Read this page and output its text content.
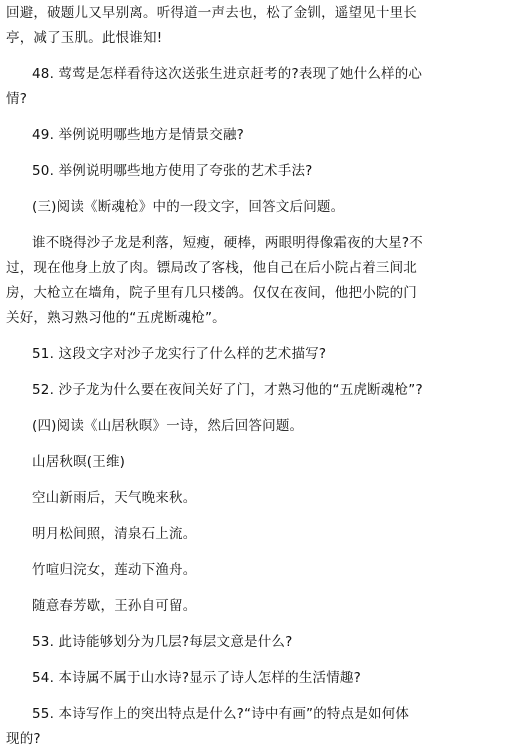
回避，破题儿又早别离。听得道一声去也，松了金钏，遥望见十里长
亭，减了玉肌。此恨谁知!
48. 莺莺是怎样看待这次送张生进京赶考的?表现了她什么样的心
情?
49. 举例说明哪些地方是情景交融?
50. 举例说明哪些地方使用了夸张的艺术手法?
(三)阅读《断魂枪》中的一段文字，回答文后问题。
谁不晓得沙子龙是利落，短瘦，硬棒，两眼明得像霜夜的大星?不
过，现在他身上放了肉。镖局改了客栈，他自己在后小院占着三间北
房，大枪立在墙角，院子里有几只楼鸽。仅仅在夜间，他把小院的门
关好，熟习熟习他的“五虎断魂枪”。
51. 这段文字对沙子龙实行了什么样的艺术描写?
52. 沙子龙为什么要在夜间关好了门，才熟习他的“五虎断魂枪”?
(四)阅读《山居秋暝》一诗，然后回答问题。
山居秋暝(王维)
空山新雨后，天气晚来秋。
明月松间照，清泉石上流。
竹喧归浣女，莲动下渔舟。
随意春芳歇，王孙自可留。
53. 此诗能够划分为几层?每层文意是什么?
54. 本诗属不属于山水诗?显示了诗人怎样的生活情趣?
55. 本诗写作上的突出特点是什么?“诗中有画”的特点是如何体
现的?
